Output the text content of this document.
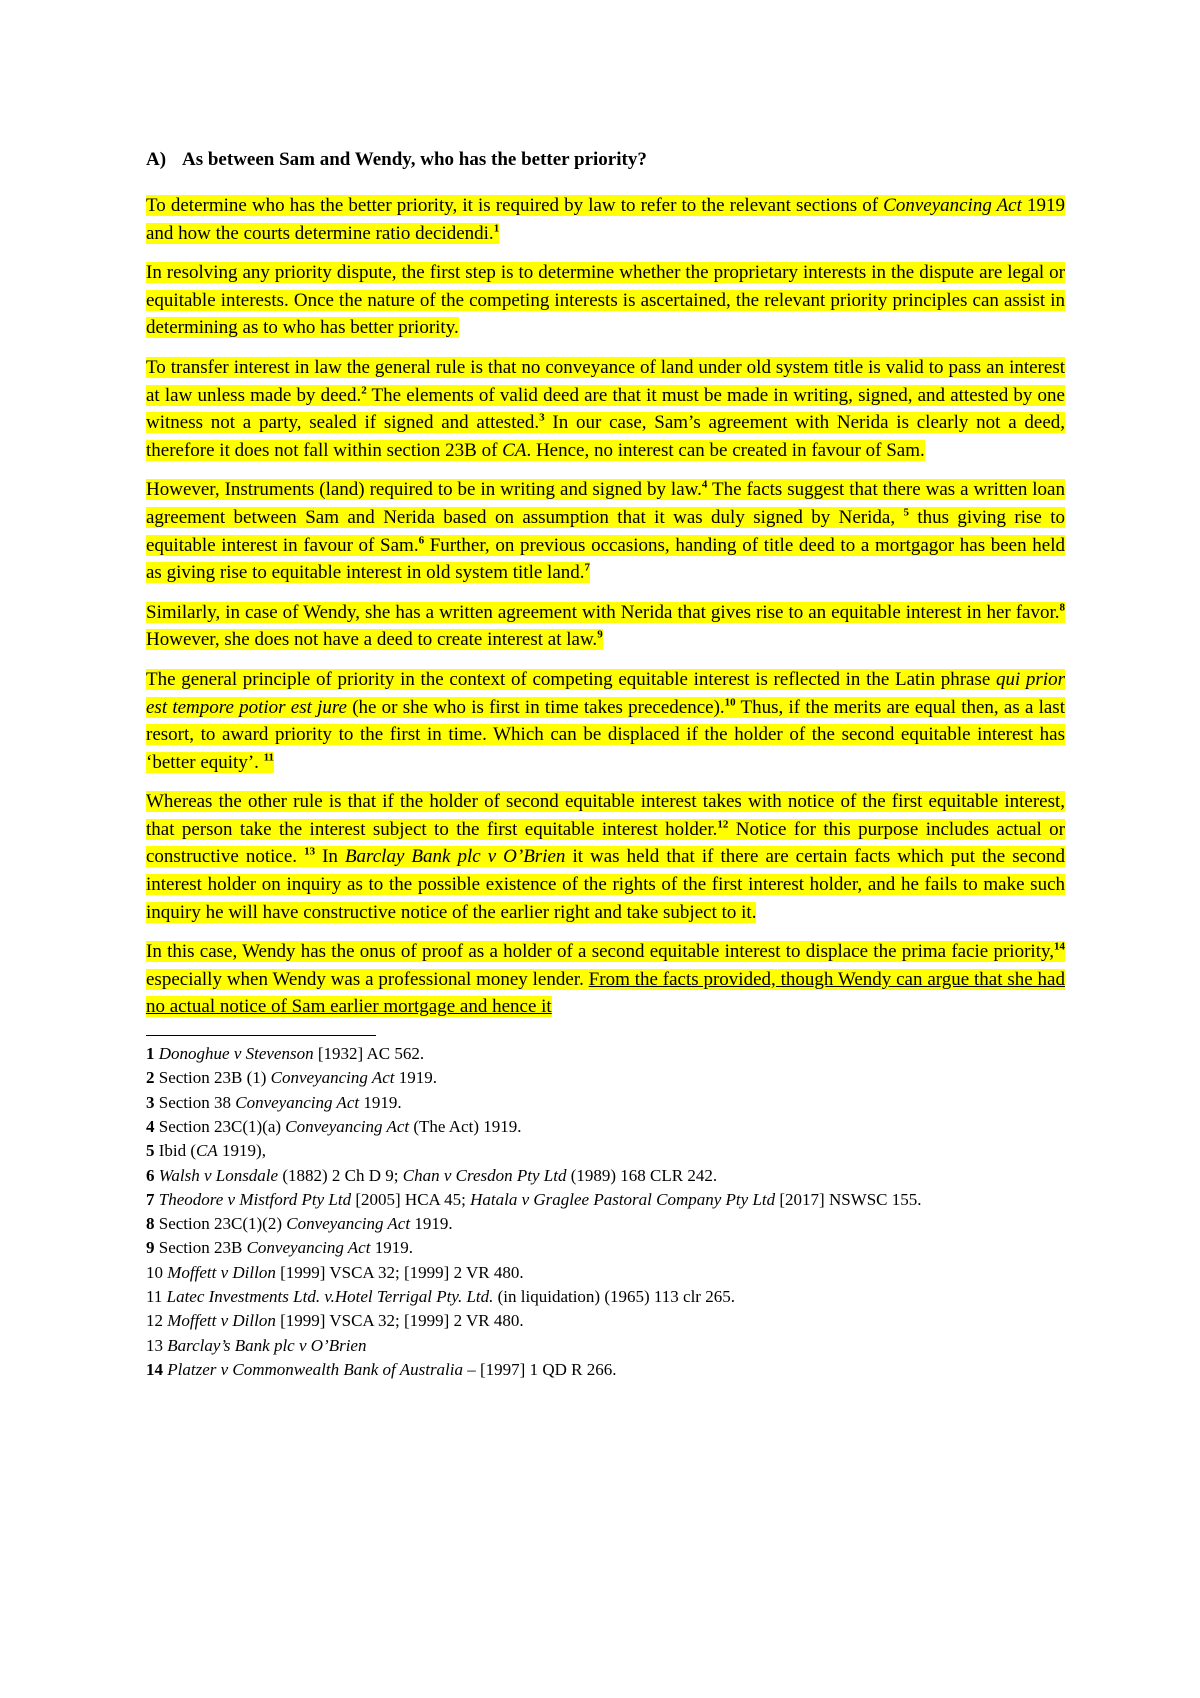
A) As between Sam and Wendy, who has the better priority?

To determine who has the better priority, it is required by law to refer to the relevant sections of Conveyancing Act 1919 and how the courts determine ratio decidendi.$^1$

In resolving any priority dispute, the first step is to determine whether the proprietary interests in the dispute are legal or equitable interests. Once the nature of the competing interests is ascertained, the relevant priority principles can assist in determining as to who has better priority.

To transfer interest in law the general rule is that no conveyance of land under old system title is valid to pass an interest at law unless made by deed.$^2$ The elements of valid deed are that it must be made in writing, signed, and attested by one witness not a party, sealed if signed and attested.$^3$ In our case, Sam’s agreement with Nerida is clearly not a deed, therefore it does not fall within section 23B of CA. Hence, no interest can be created in favour of Sam.

However, Instruments (land) required to be in writing and signed by law.$^4$ The facts suggest that there was a written loan agreement between Sam and Nerida based on assumption that it was duly signed by Nerida, $^5$ thus giving rise to equitable interest in favour of Sam.$^6$ Further, on previous occasions, handing of title deed to a mortgagor has been held as giving rise to equitable interest in old system title land.$^7$

Similarly, in case of Wendy, she has a written agreement with Nerida that gives rise to an equitable interest in her favor.$^8$ However, she does not have a deed to create interest at law.$^9$

The general principle of priority in the context of competing equitable interest is reflected in the Latin phrase qui prior est tempore potior est jure (he or she who is first in time takes precedence).$^{10}$ Thus, if the merits are equal then, as a last resort, to award priority to the first in time. Which can be displaced if the holder of the second equitable interest has ‘better equity’. $^{11}$

Whereas the other rule is that if the holder of second equitable interest takes with notice of the first equitable interest, that person take the interest subject to the first equitable interest holder.$^{12}$ Notice for this purpose includes actual or constructive notice. $^{13}$ In Barclay Bank plc v O’Brien it was held that if there are certain facts which put the second interest holder on inquiry as to the possible existence of the rights of the first interest holder, and he fails to make such inquiry he will have constructive notice of the earlier right and take subject to it.

In this case, Wendy has the onus of proof as a holder of a second equitable interest to displace the prima facie priority,$^{14}$ especially when Wendy was a professional money lender. From the facts provided, though Wendy can argue that she had no actual notice of Sam earlier mortgage and hence it

1 Donoghue v Stevenson [1932] AC 562.

2 Section 23B (1) Conveyancing Act 1919.

3 Section 38 Conveyancing Act 1919.

4 Section 23C(1)(a) Conveyancing Act (The Act) 1919.

5 Ibid (CA 1919),

6 Walsh v Lonsdale (1882) 2 Ch D 9; Chan v Cresdon Pty Ltd (1989) 168 CLR 242.

7 Theodore v Mistford Pty Ltd [2005] HCA 45; Hatala v Graglee Pastoral Company Pty Ltd [2017] NSWSC 155.

8 Section 23C(1)(2) Conveyancing Act 1919.

9 Section 23B Conveyancing Act 1919.

10 Moffett v Dillon [1999] VSCA 32; [1999] 2 VR 480.

11 Latec Investments Ltd. v.Hotel Terrigal Pty. Ltd. (in liquidation) (1965) 113 clr 265.

12 Moffett v Dillon [1999] VSCA 32; [1999] 2 VR 480.

13 Barclay’s Bank plc v O’Brien

14 Platzer v Commonwealth Bank of Australia – [1997] 1 QD R 266.
